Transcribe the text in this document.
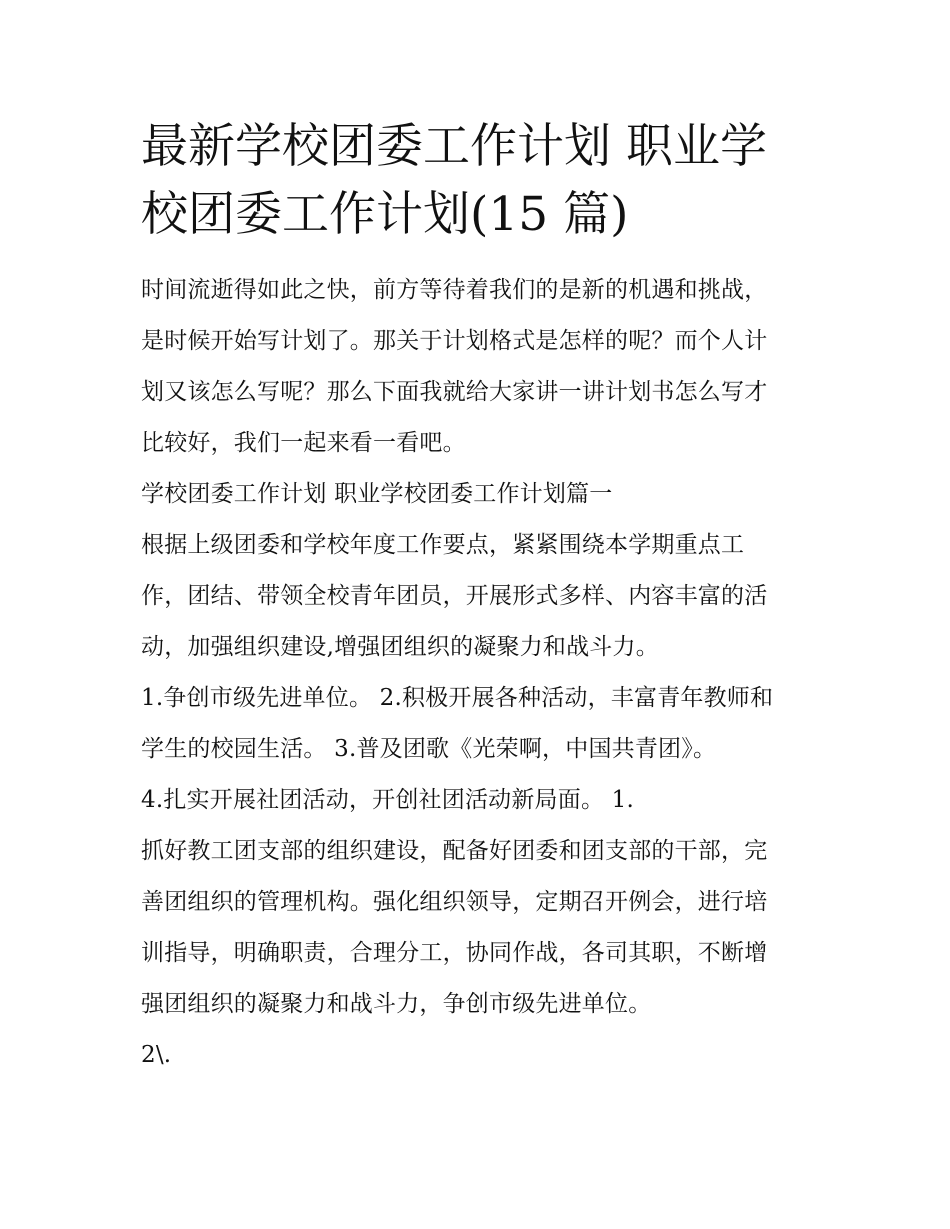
最新学校团委工作计划 职业学
校团委工作计划(15 篇)
时间流逝得如此之快，前方等待着我们的是新的机遇和挑战，
是时候开始写计划了。那关于计划格式是怎样的呢？而个人计
划又该怎么写呢？那么下面我就给大家讲一讲计划书怎么写才
比较好，我们一起来看一看吧。
学校团委工作计划 职业学校团委工作计划篇一
根据上级团委和学校年度工作要点，紧紧围绕本学期重点工
作，团结、带领全校青年团员，开展形式多样、内容丰富的活
动，加强组织建设,增强团组织的凝聚力和战斗力。
1.争创市级先进单位。 2.积极开展各种活动，丰富青年教师和
学生的校园生活。 3.普及团歌《光荣啊，中国共青团》。
4.扎实开展社团活动，开创社团活动新局面。 1.
抓好教工团支部的组织建设，配备好团委和团支部的干部，完
善团组织的管理机构。强化组织领导，定期召开例会，进行培
训指导，明确职责，合理分工，协同作战，各司其职，不断增
强团组织的凝聚力和战斗力，争创市级先进单位。
2\.
